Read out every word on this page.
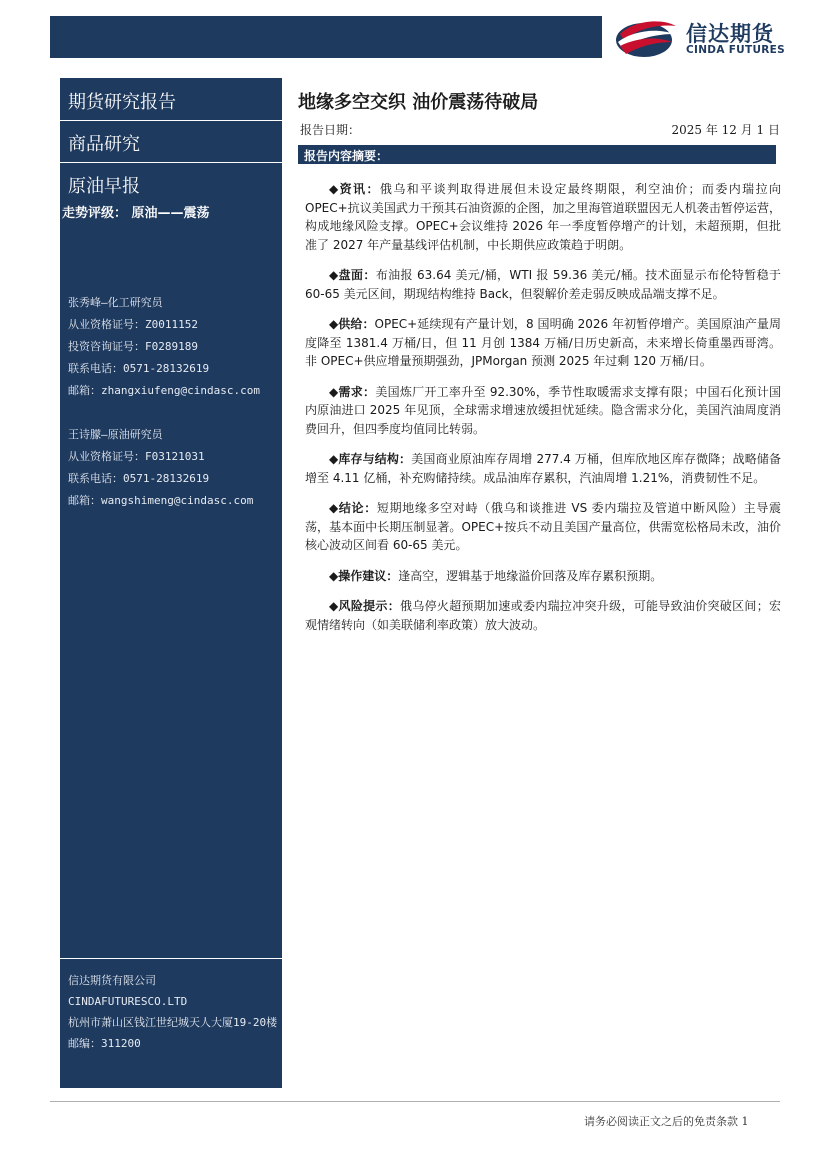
信达期货
CINDA FUTURES
期货研究报告
商品研究
原油早报
走势评级： 原油——震荡
张秀峰—化工研究员
从业资格证号：Z0011152
投资咨询证号：F0289189
联系电话：0571-28132619
邮箱：zhangxiufeng@cindasc.com
王诗朦—原油研究员
从业资格证号：F03121031
联系电话：0571-28132619
邮箱：wangshimeng@cindasc.com
信达期货有限公司
CINDAFUTURESCO.LTD
杭州市萧山区钱江世纪城天人大厦19-20楼
邮编：311200
地缘多空交织 油价震荡待破局
报告日期：	2025 年 12 月 1 日
报告内容摘要：

◆资讯：俄乌和平谈判取得进展但未设定最终期限，利空油价；而委内瑞拉向 OPEC+抗议美国武力干预其石油资源的企图，加之里海管道联盟因无人机袭击暂停运营，构成地缘风险支撑。OPEC+会议维持 2026 年一季度暂停增产的计划，未超预期，但批准了 2027 年产量基线评估机制，中长期供应政策趋于明朗。

◆盘面：布油报 63.64 美元/桶，WTI 报 59.36 美元/桶。技术面显示布伦特暂稳于 60-65 美元区间，期现结构维持 Back，但裂解价差走弱反映成品端支撑不足。

◆供给：OPEC+延续现有产量计划，8 国明确 2026 年初暂停增产。美国原油产量周度降至 1381.4 万桶/日，但 11 月创 1384 万桶/日历史新高，未来增长倚重墨西哥湾。非 OPEC+供应增量预期强劲，JPMorgan 预测 2025 年过剩 120 万桶/日。

◆需求：美国炼厂开工率升至 92.30%，季节性取暖需求支撑有限；中国石化预计国内原油进口 2025 年见顶，全球需求增速放缓担忧延续。隐含需求分化，美国汽油周度消费回升，但四季度均值同比转弱。

◆库存与结构：美国商业原油库存周增 277.4 万桶，但库欣地区库存微降；战略储备增至 4.11 亿桶，补充购储持续。成品油库存累积，汽油周增 1.21%，消费韧性不足。

◆结论：短期地缘多空对峙（俄乌和谈推进 VS 委内瑞拉及管道中断风险）主导震荡，基本面中长期压制显著。OPEC+按兵不动且美国产量高位，供需宽松格局未改，油价核心波动区间看 60-65 美元。

◆操作建议：逢高空，逻辑基于地缘溢价回落及库存累积预期。

◆风险提示：俄乌停火超预期加速或委内瑞拉冲突升级，可能导致油价突破区间；宏观情绪转向（如美联储利率政策）放大波动。

请务必阅读正文之后的免责条款 1
